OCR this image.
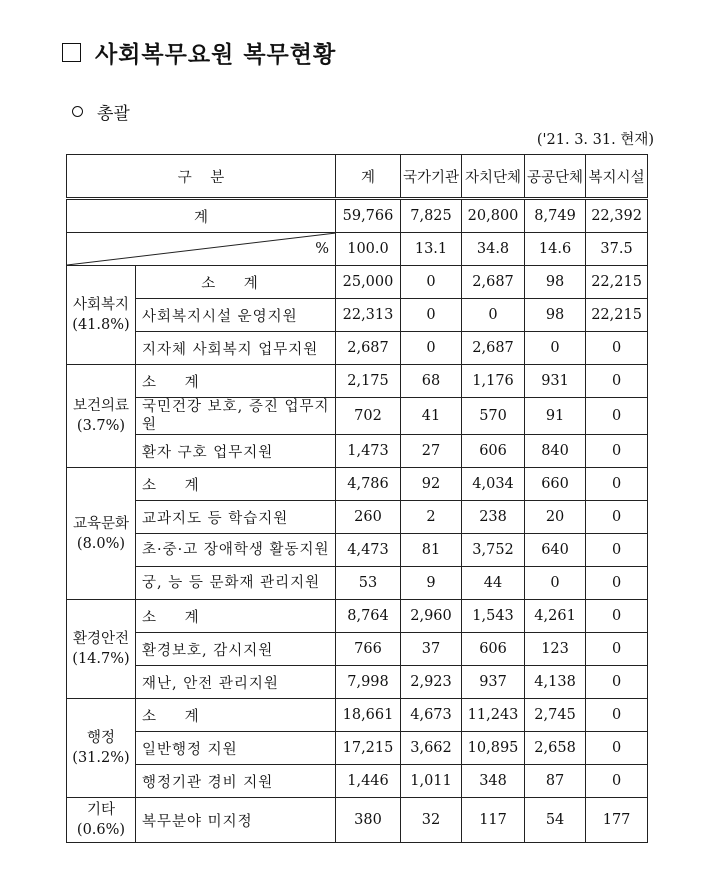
사회복무요원 복무현황
총괄
('21. 3. 31. 현재)
구    분		계	국가기관	자치단체	공공단체	복지시설
계		59,766	7,825	20,800	8,749	22,392

%		100.0	13.1	34.8	14.6	37.5

사회복지
(41.8%)	소 계	25,000	0	2,687	98	22,215
	사회복지시설 운영지원	22,313	0	0	98	22,215
	지자체 사회복지 업무지원	2,687	0	2,687	0	0

보건의료
(3.7%)	소 계	2,175	68	1,176	931	0
	국민건강 보호, 증진 업무지원	702	41	570	91	0
	환자 구호 업무지원	1,473	27	606	840	0

교육문화
(8.0%)	소 계	4,786	92	4,034	660	0
	교과지도 등 학습지원	260	2	238	20	0
	초·중·고 장애학생 활동지원	4,473	81	3,752	640	0
	궁, 능 등 문화재 관리지원	53	9	44	0	0

환경안전
(14.7%)	소 계	8,764	2,960	1,543	4,261	0
	환경보호, 감시지원	766	37	606	123	0
	재난, 안전 관리지원	7,998	2,923	937	4,138	0

행정
(31.2%)	소 계	18,661	4,673	11,243	2,745	0
	일반행정 지원	17,215	3,662	10,895	2,658	0
	행정기관 경비 지원	1,446	1,011	348	87	0

기타
(0.6%)	복무분야 미지정	380	32	117	54	177
